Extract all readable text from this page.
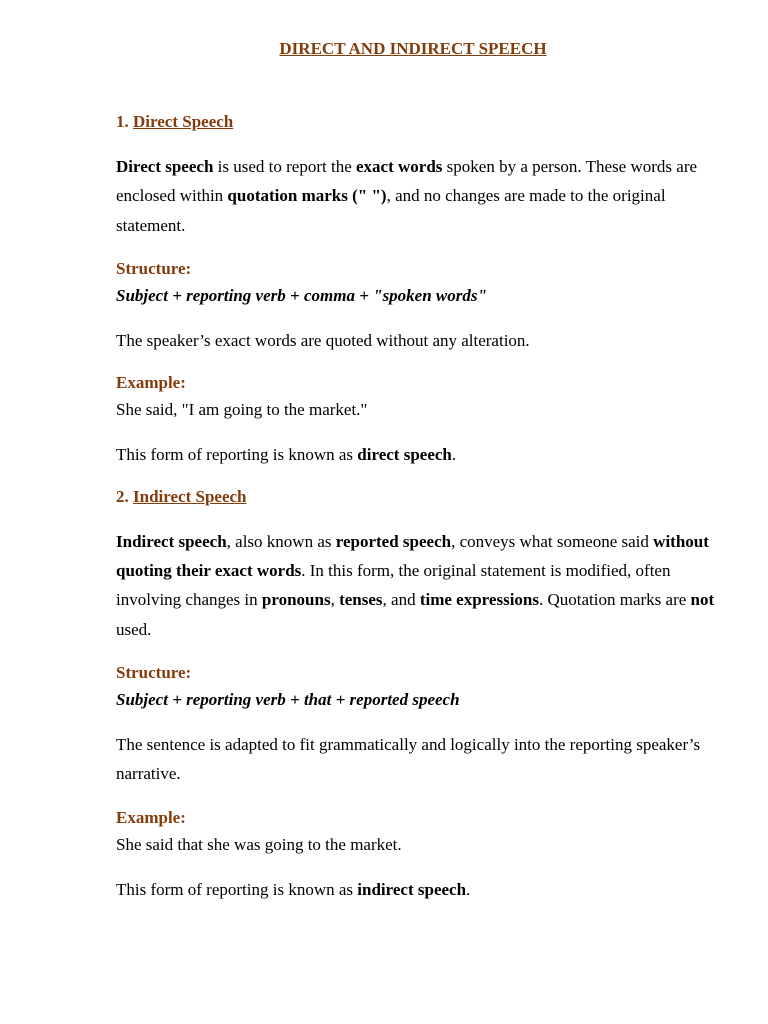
DIRECT AND INDIRECT SPEECH
1. Direct Speech

Direct speech is used to report the exact words spoken by a person. These words are enclosed within quotation marks (" "), and no changes are made to the original statement.

Structure:
Subject + reporting verb + comma + "spoken words"
The speaker’s exact words are quoted without any alteration.
Example:
She said, "I am going to the market."
This form of reporting is known as direct speech.
2. Indirect Speech

Indirect speech, also known as reported speech, conveys what someone said without quoting their exact words. In this form, the original statement is modified, often involving changes in pronouns, tenses, and time expressions. Quotation marks are not used.

Structure:
Subject + reporting verb + that + reported speech

The sentence is adapted to fit grammatically and logically into the reporting speaker’s narrative.

Example:
She said that she was going to the market.
This form of reporting is known as indirect speech.
